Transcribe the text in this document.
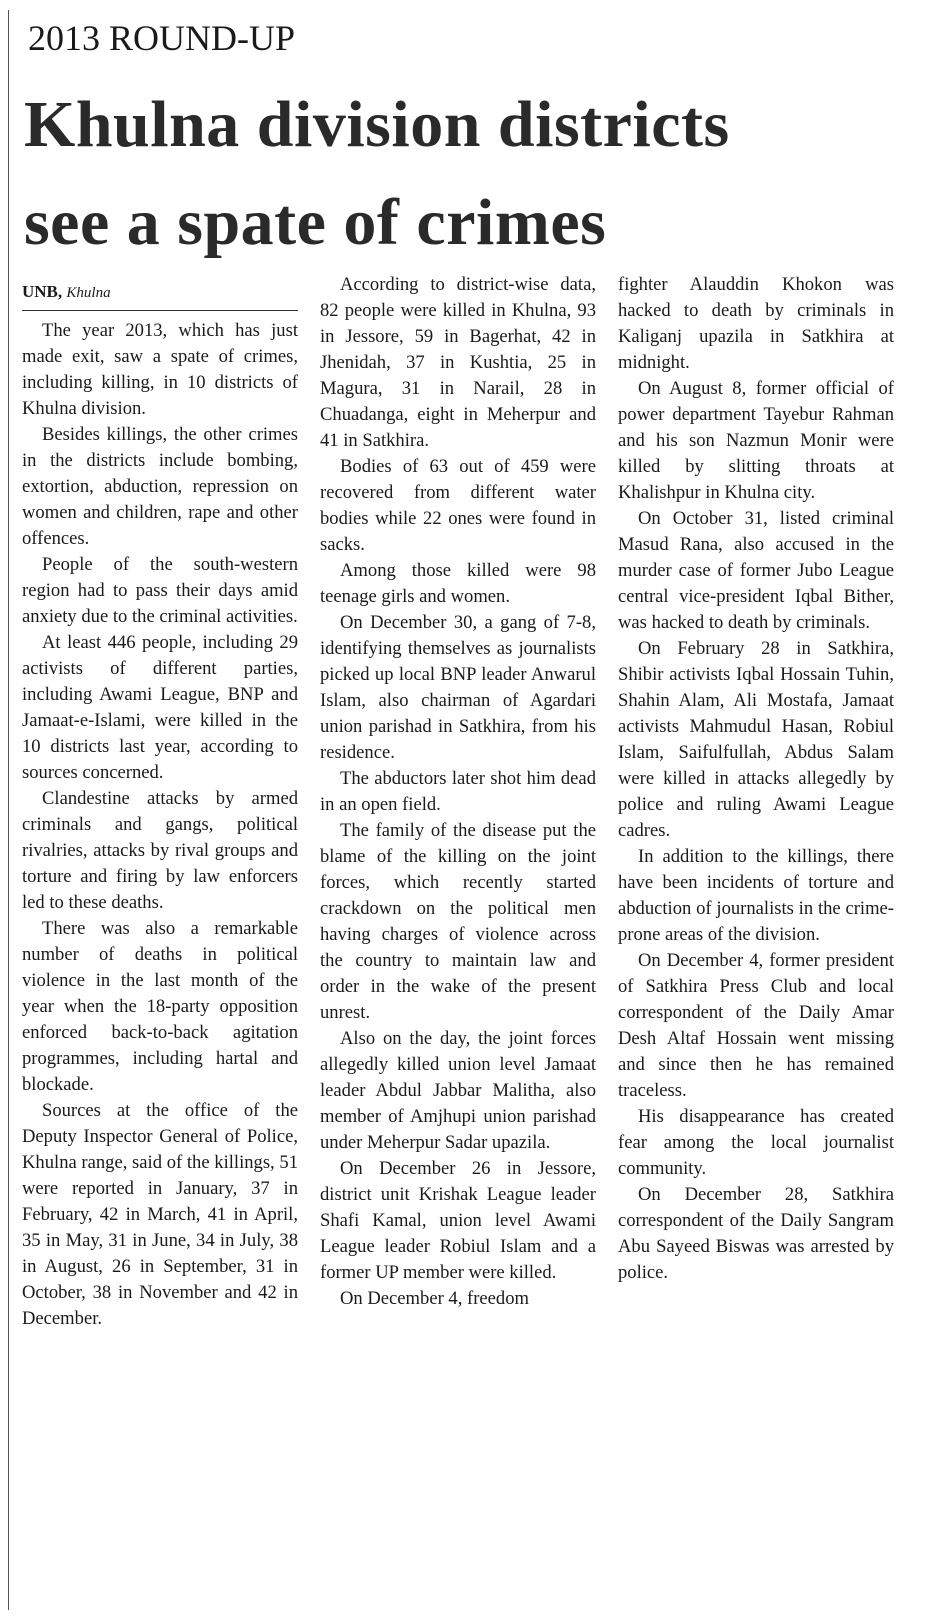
2013 ROUND-UP
Khulna division districts
see a spate of crimes
UNB, Khulna

The year 2013, which has just made exit, saw a spate of crimes, including killing, in 10 districts of Khulna division.

Besides killings, the other crimes in the districts include bombing, extortion, abduction, repression on women and children, rape and other offences.

People of the south-western region had to pass their days amid anxiety due to the criminal activities.

At least 446 people, including 29 activists of different parties, including Awami League, BNP and Jamaat-e-Islami, were killed in the 10 districts last year, according to sources concerned.

Clandestine attacks by armed criminals and gangs, political rivalries, attacks by rival groups and torture and firing by law enforcers led to these deaths.

There was also a remarkable number of deaths in political violence in the last month of the year when the 18-party opposition enforced back-to-back agitation programmes, including hartal and blockade.

Sources at the office of the Deputy Inspector General of Police, Khulna range, said of the killings, 51 were reported in January, 37 in February, 42 in March, 41 in April, 35 in May, 31 in June, 34 in July, 38 in August, 26 in September, 31 in October, 38 in November and 42 in December.

According to district-wise data, 82 people were killed in Khulna, 93 in Jessore, 59 in Bagerhat, 42 in Jhenidah, 37 in Kushtia, 25 in Magura, 31 in Narail, 28 in Chuadanga, eight in Meherpur and 41 in Satkhira.

Bodies of 63 out of 459 were recovered from different water bodies while 22 ones were found in sacks.

Among those killed were 98 teenage girls and women.

On December 30, a gang of 7-8, identifying themselves as journalists picked up local BNP leader Anwarul Islam, also chairman of Agardari union parishad in Satkhira, from his residence.

The abductors later shot him dead in an open field.

The family of the disease put the blame of the killing on the joint forces, which recently started crackdown on the political men having charges of violence across the country to maintain law and order in the wake of the present unrest.

Also on the day, the joint forces allegedly killed union level Jamaat leader Abdul Jabbar Malitha, also member of Amjhupi union parishad under Meherpur Sadar upazila.

On December 26 in Jessore, district unit Krishak League leader Shafi Kamal, union level Awami League leader Robiul Islam and a former UP member were killed.

On December 4, freedom

fighter Alauddin Khokon was hacked to death by criminals in Kaliganj upazila in Satkhira at midnight.

On August 8, former official of power department Tayebur Rahman and his son Nazmun Monir were killed by slitting throats at Khalishpur in Khulna city.

On October 31, listed criminal Masud Rana, also accused in the murder case of former Jubo League central vice-president Iqbal Bither, was hacked to death by criminals.

On February 28 in Satkhira, Shibir activists Iqbal Hossain Tuhin, Shahin Alam, Ali Mostafa, Jamaat activists Mahmudul Hasan, Robiul Islam, Saifulfullah, Abdus Salam were killed in attacks allegedly by police and ruling Awami League cadres.

In addition to the killings, there have been incidents of torture and abduction of journalists in the crime-prone areas of the division.

On December 4, former president of Satkhira Press Club and local correspondent of the Daily Amar Desh Altaf Hossain went missing and since then he has remained traceless.

His disappearance has created fear among the local journalist community.

On December 28, Satkhira correspondent of the Daily Sangram Abu Sayeed Biswas was arrested by police.
